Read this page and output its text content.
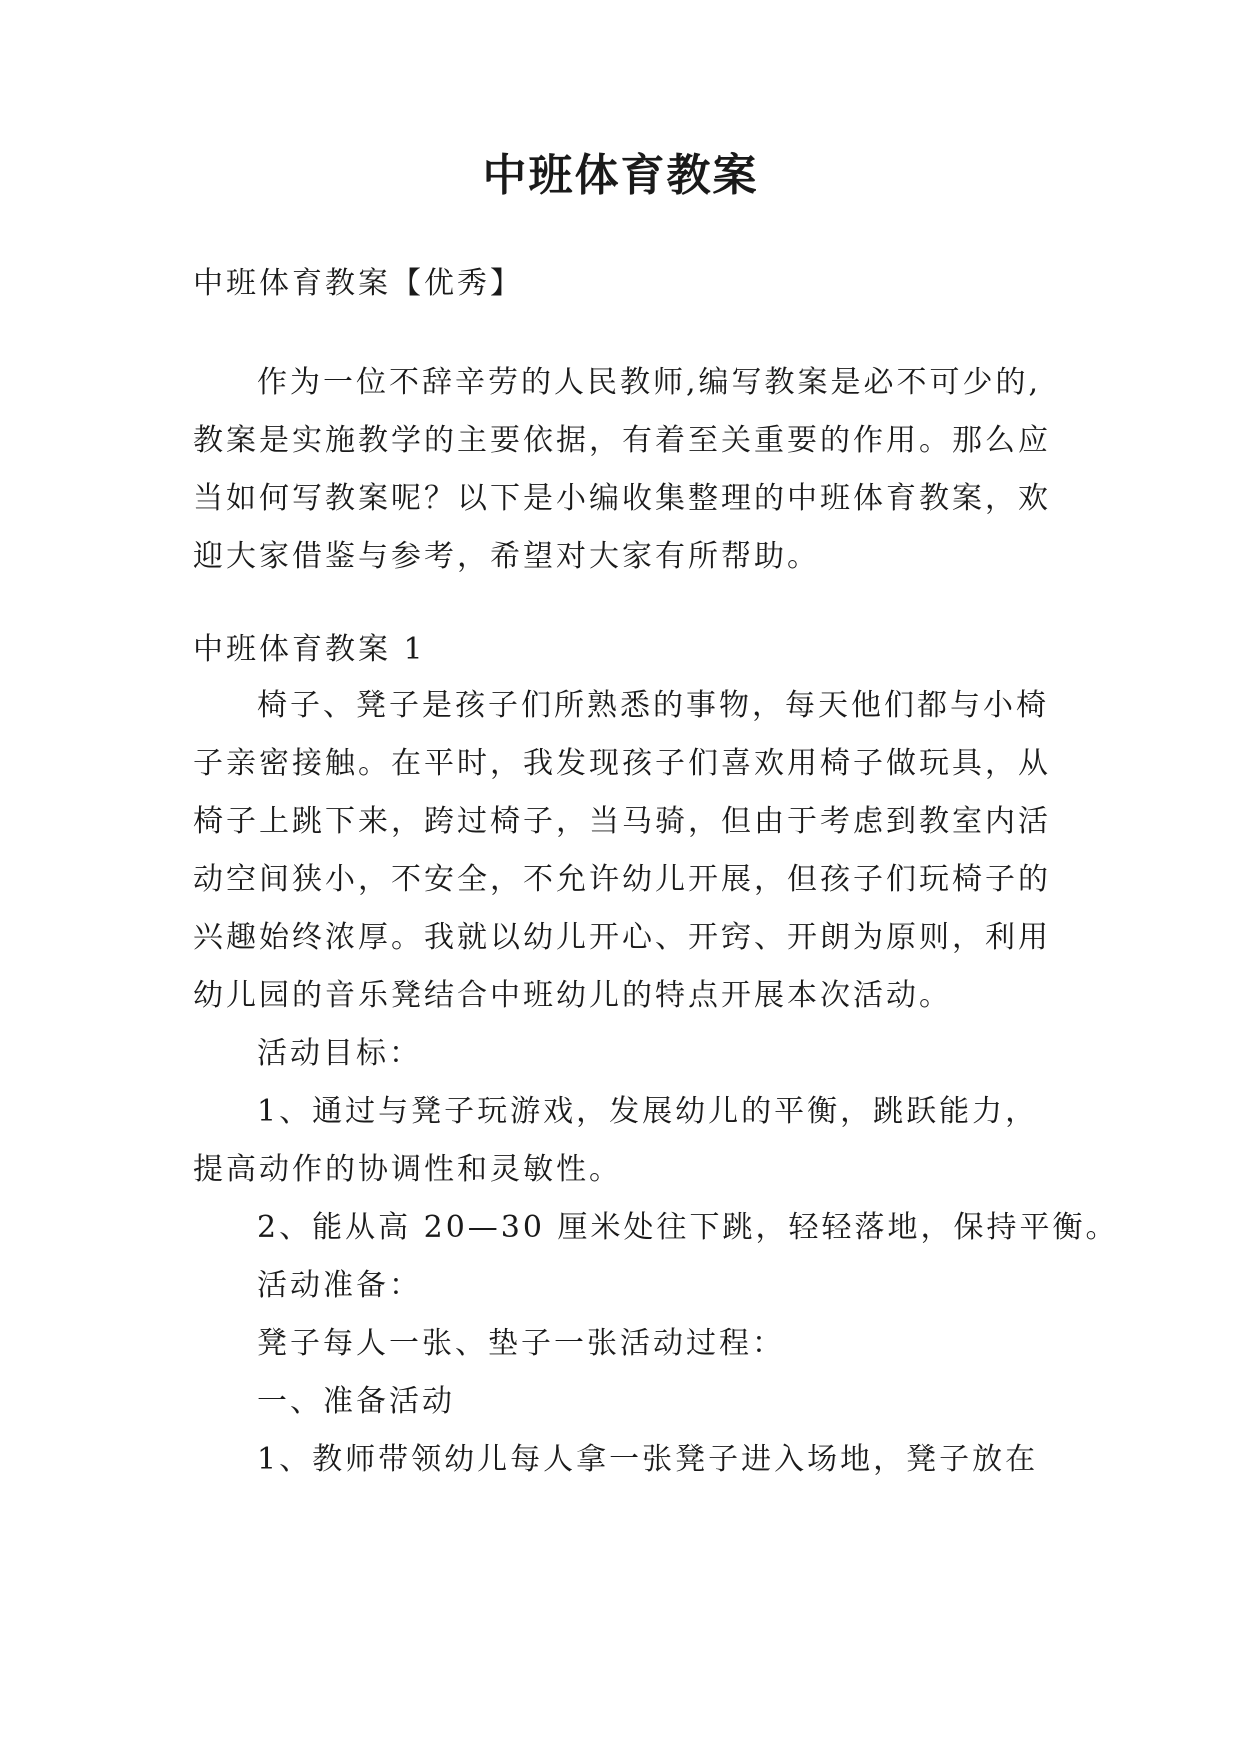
中班体育教案
中班体育教案【优秀】
作为一位不辞辛劳的人民教师,编写教案是必不可少的,
教案是实施教学的主要依据，有着至关重要的作用。那么应
当如何写教案呢？以下是小编收集整理的中班体育教案，欢
迎大家借鉴与参考，希望对大家有所帮助。
中班体育教案 1
椅子、凳子是孩子们所熟悉的事物，每天他们都与小椅
子亲密接触。在平时，我发现孩子们喜欢用椅子做玩具，从
椅子上跳下来，跨过椅子，当马骑，但由于考虑到教室内活
动空间狭小，不安全，不允许幼儿开展，但孩子们玩椅子的
兴趣始终浓厚。我就以幼儿开心、开窍、开朗为原则，利用
幼儿园的音乐凳结合中班幼儿的特点开展本次活动。
活动目标：
1、通过与凳子玩游戏，发展幼儿的平衡，跳跃能力，
提高动作的协调性和灵敏性。
2、能从高 20—30 厘米处往下跳，轻轻落地，保持平衡。
活动准备：
凳子每人一张、垫子一张活动过程：
一、准备活动
1、教师带领幼儿每人拿一张凳子进入场地，凳子放在
